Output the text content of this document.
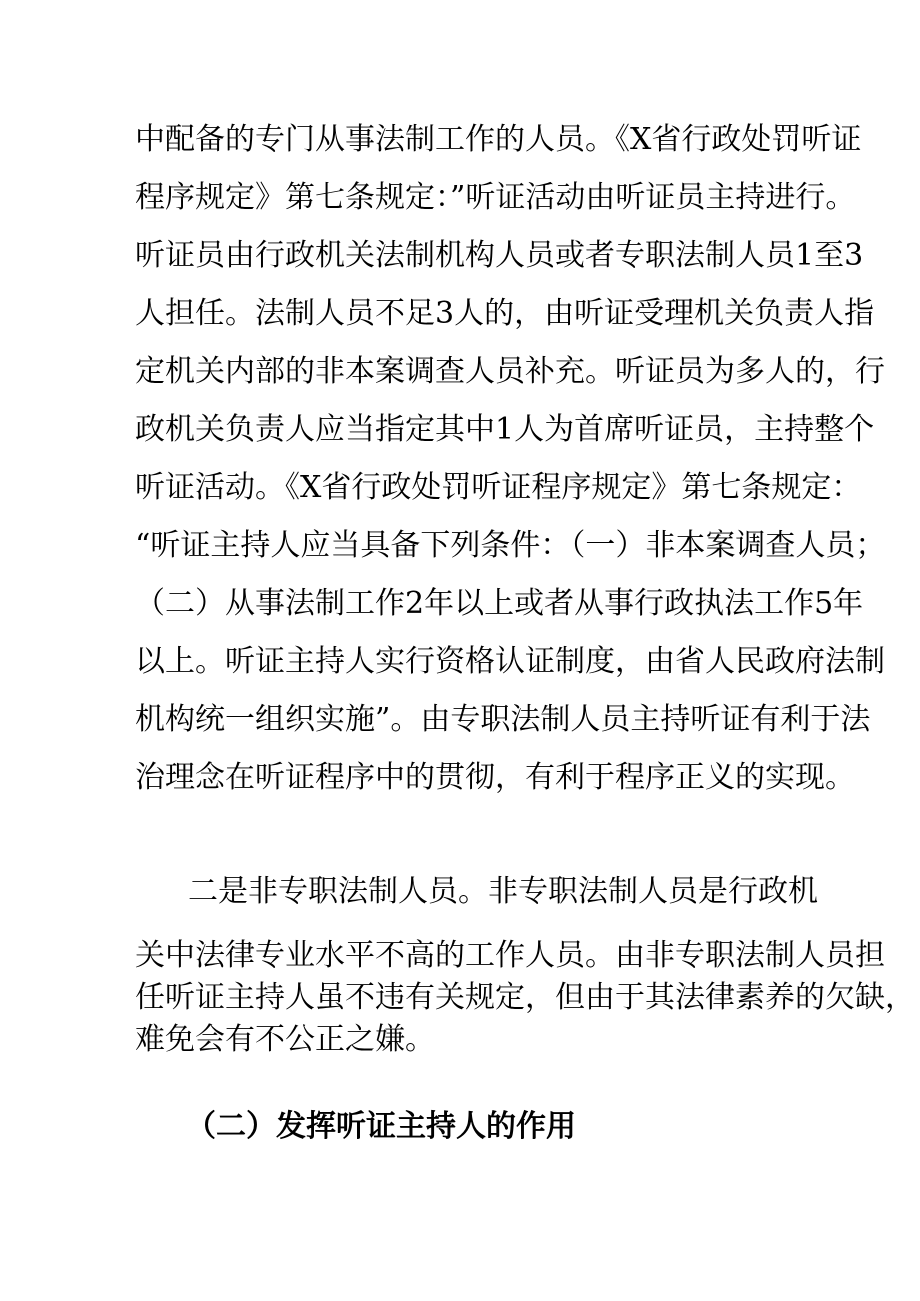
中配备的专门从事法制工作的人员。《X省行政处罚听证
程序规定》第七条规定：”听证活动由听证员主持进行。
听证员由行政机关法制机构人员或者专职法制人员1至3
人担任。法制人员不足3人的，由听证受理机关负责人指
定机关内部的非本案调查人员补充。听证员为多人的，行
政机关负责人应当指定其中1人为首席听证员，主持整个
听证活动。《X省行政处罚听证程序规定》第七条规定：
“听证主持人应当具备下列条件：（一）非本案调查人员；
（二）从事法制工作2年以上或者从事行政执法工作5年
以上。听证主持人实行资格认证制度，由省人民政府法制
机构统一组织实施”。由专职法制人员主持听证有利于法
治理念在听证程序中的贯彻，有利于程序正义的实现。
二是非专职法制人员。非专职法制人员是行政机
关中法律专业水平不高的工作人员。由非专职法制人员担
任听证主持人虽不违有关规定，但由于其法律素养的欠缺，
难免会有不公正之嫌。
（二）发挥听证主持人的作用
